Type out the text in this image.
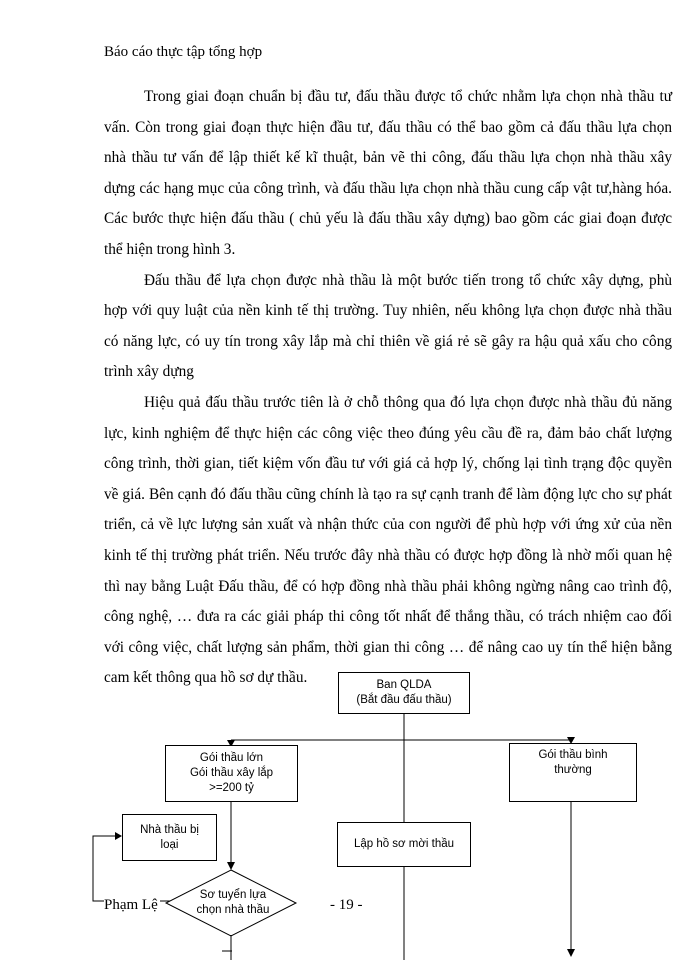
Báo cáo thực tập tổng hợp

Trong giai đoạn chuẩn bị đầu tư, đấu thầu được tổ chức nhằm lựa chọn nhà thầu tư vấn. Còn trong giai đoạn thực hiện đầu tư, đấu thầu có thể bao gồm cả đấu thầu lựa chọn nhà thầu tư vấn để lập thiết kế kĩ thuật, bản vẽ thi công, đấu thầu lựa chọn nhà thầu xây dựng các hạng mục của công trình, và đấu thầu lựa chọn nhà thầu cung cấp vật tư,hàng hóa. Các bước thực hiện đấu thầu ( chủ yếu là đấu thầu xây dựng) bao gồm các giai đoạn được thể hiện trong hình 3.

Đấu thầu để lựa chọn được nhà thầu là một bước tiến trong tổ chức xây dựng, phù hợp với quy luật của nền kinh tế thị trường. Tuy nhiên, nếu không lựa chọn được nhà thầu có năng lực, có uy tín trong xây lắp mà chỉ thiên về giá rẻ sẽ gây ra hậu quả xấu cho công trình xây dựng

Hiệu quả đấu thầu trước tiên là ở chỗ thông qua đó lựa chọn được nhà thầu đủ năng lực, kinh nghiệm để thực hiện các công việc theo đúng yêu cầu đề ra, đảm bảo chất lượng công trình, thời gian, tiết kiệm vốn đầu tư với giá cả hợp lý, chống lại tình trạng độc quyền về giá. Bên cạnh đó đấu thầu cũng chính là tạo ra sự cạnh tranh để làm động lực cho sự phát triển, cả về lực lượng sản xuất và nhận thức của con người để phù hợp với ứng xử của nền kinh tế thị trường phát triển. Nếu trước đây nhà thầu có được hợp đồng là nhờ mối quan hệ thì nay bằng Luật Đấu thầu, để có hợp đồng nhà thầu phải không ngừng nâng cao trình độ, công nghệ, … đưa ra các giải pháp thi công tốt nhất để thắng thầu, có trách nhiệm cao đối với công việc, chất lượng sản phẩm, thời gian thi công … để nâng cao uy tín thể hiện bằng cam kết thông qua hồ sơ dự thầu.	Ban QLDA
(Bắt đầu đấu thầu)
Gói thầu lớn
Gói thầu xây lắp
>=200 tỷ
Gói thầu bình
thường
Nhà thầu bị
loại	Lập hồ sơ mời thầu
Sơ tuyển lựa
chọn nhà thầu
Phạm Lệ	- 19 -
